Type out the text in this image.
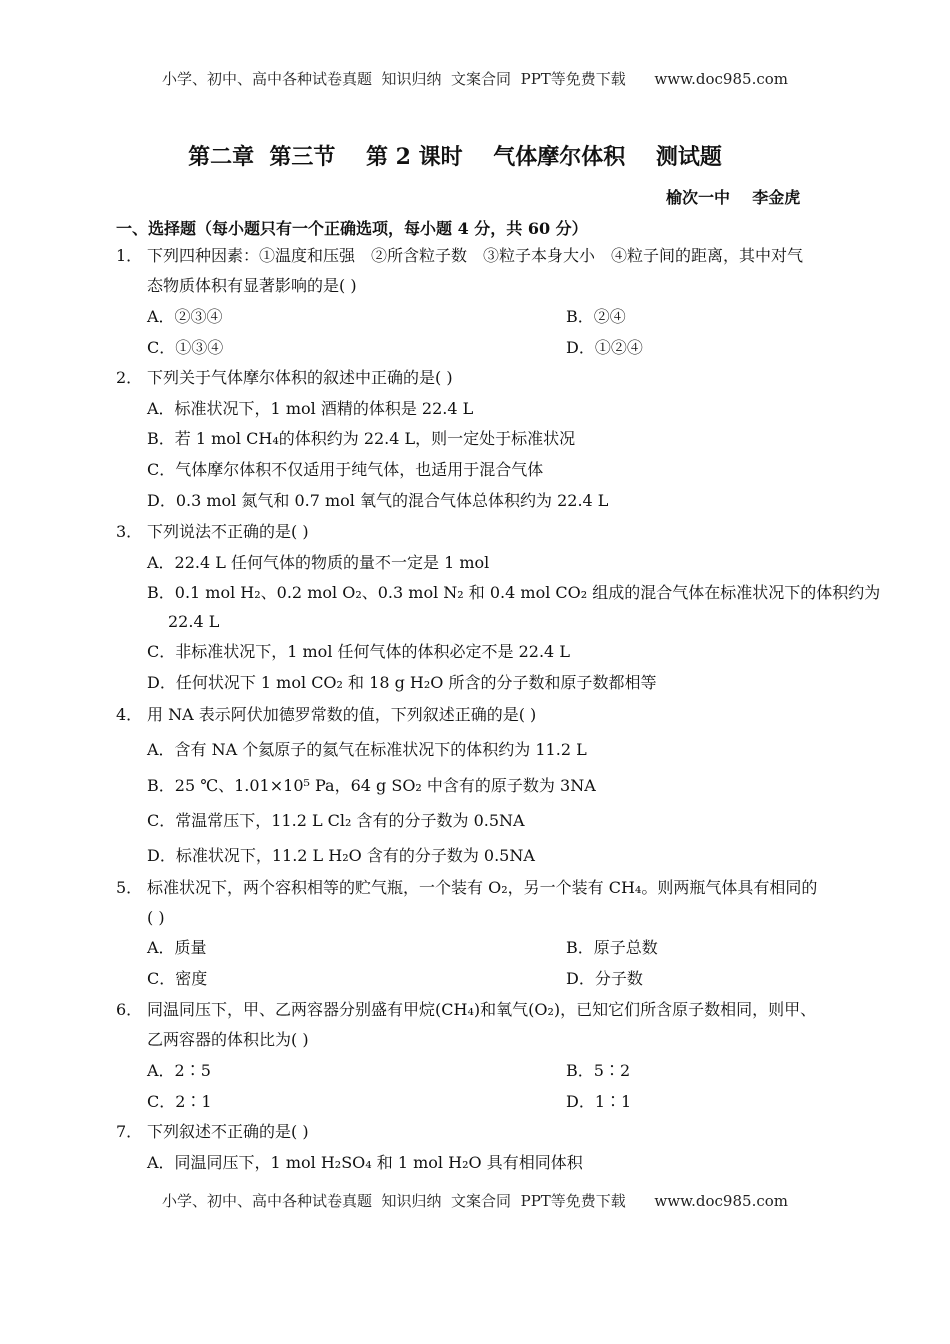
小学、初中、高中各种试卷真题  知识归纳  文案合同  PPT等免费下载      www.doc985.com
第二章  第三节    第 2 课时    气体摩尔体积    测试题
榆次一中    李金虎
一、选择题（每小题只有一个正确选项，每小题 4 分，共 60 分）
1． 下列四种因素：①温度和压强　②所含粒子数　③粒子本身大小　④粒子间的距离，其中对气
态物质体积有显著影响的是( )
A．②③④	B．②④
C．①③④	D．①②④
2． 下列关于气体摩尔体积的叙述中正确的是( )
A．标准状况下，1 mol 酒精的体积是 22.4 L
B．若 1 mol CH₄的体积约为 22.4 L，则一定处于标准状况
C．气体摩尔体积不仅适用于纯气体，也适用于混合气体
D．0.3 mol 氮气和 0.7 mol 氧气的混合气体总体积约为 22.4 L
3． 下列说法不正确的是( )
A．22.4 L 任何气体的物质的量不一定是 1 mol
B．0.1 mol H₂、0.2 mol O₂、0.3 mol N₂ 和 0.4 mol CO₂ 组成的混合气体在标准状况下的体积约为
22.4 L
C．非标准状况下，1 mol 任何气体的体积必定不是 22.4 L
D．任何状况下 1 mol CO₂ 和 18 g H₂O 所含的分子数和原子数都相等
4． 用 NA 表示阿伏加德罗常数的值，下列叙述正确的是( )
A．含有 NA 个氦原子的氦气在标准状况下的体积约为 11.2 L
B．25 ℃、1.01×10⁵ Pa，64 g SO₂ 中含有的原子数为 3NA
C．常温常压下，11.2 L Cl₂ 含有的分子数为 0.5NA
D．标准状况下，11.2 L H₂O 含有的分子数为 0.5NA
5． 标准状况下，两个容积相等的贮气瓶，一个装有 O₂，另一个装有 CH₄。则两瓶气体具有相同的
( )
A．质量	B．原子总数
C．密度	D．分子数
6． 同温同压下，甲、乙两容器分别盛有甲烷(CH₄)和氧气(O₂)，已知它们所含原子数相同，则甲、
乙两容器的体积比为( )
A．2∶5	B．5∶2
C．2∶1	D．1∶1
7． 下列叙述不正确的是( )
A．同温同压下，1 mol H₂SO₄ 和 1 mol H₂O 具有相同体积
小学、初中、高中各种试卷真题  知识归纳  文案合同  PPT等免费下载      www.doc985.com
